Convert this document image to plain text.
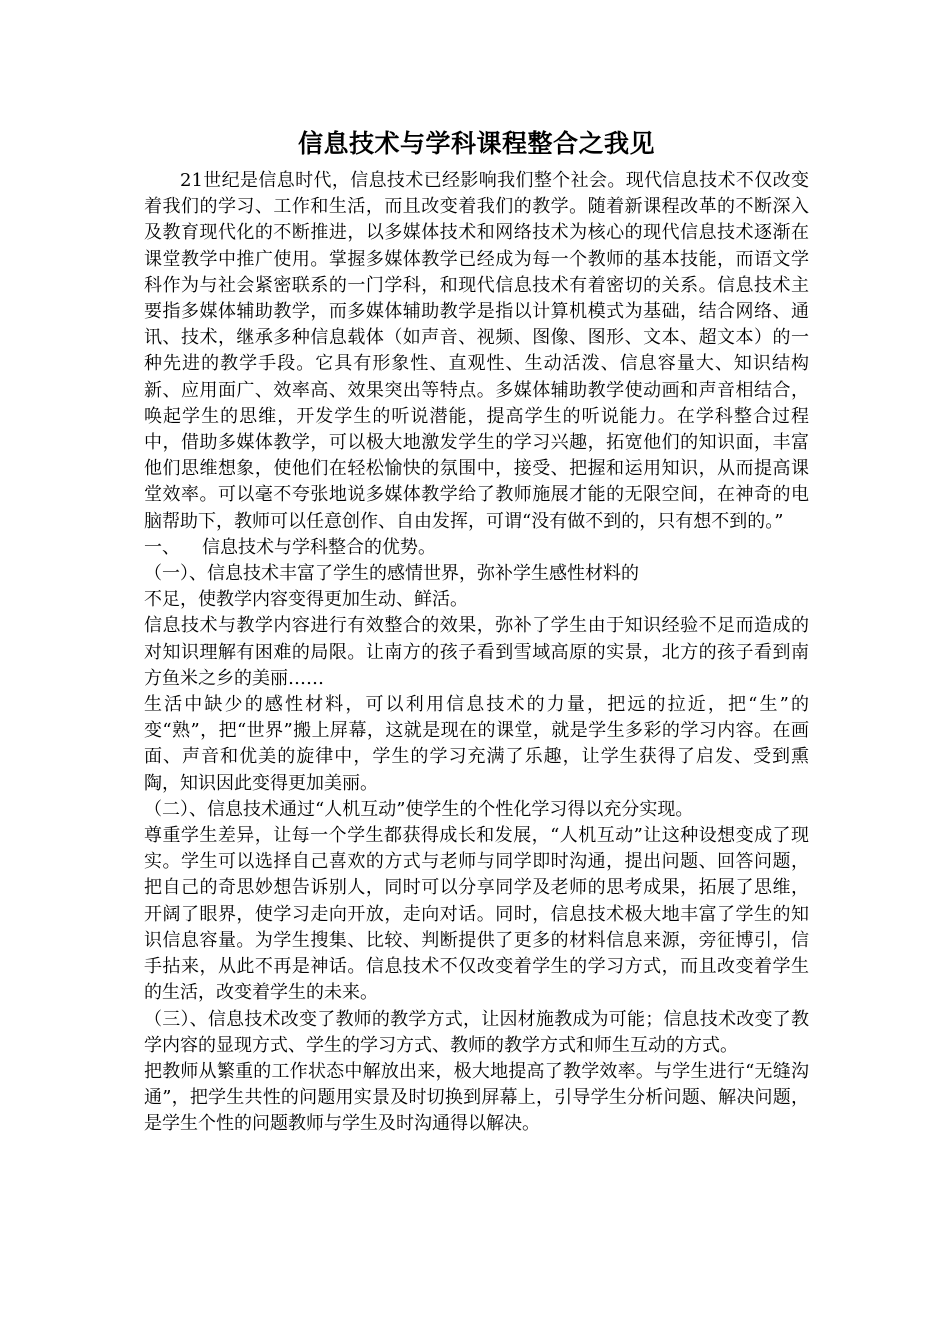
信息技术与学科课程整合之我见

21世纪是信息时代，信息技术已经影响我们整个社会。现代信息技术不仅改变着我们的学习、工作和生活，而且改变着我们的教学。随着新课程改革的不断深入及教育现代化的不断推进，以多媒体技术和网络技术为核心的现代信息技术逐渐在课堂教学中推广使用。掌握多媒体教学已经成为每一个教师的基本技能，而语文学科作为与社会紧密联系的一门学科，和现代信息技术有着密切的关系。信息技术主要指多媒体辅助教学，而多媒体辅助教学是指以计算机模式为基础，结合网络、通讯、技术，继承多种信息载体（如声音、视频、图像、图形、文本、超文本）的一种先进的教学手段。它具有形象性、直观性、生动活泼、信息容量大、知识结构新、应用面广、效率高、效果突出等特点。多媒体辅助教学使动画和声音相结合，唤起学生的思维，开发学生的听说潜能，提高学生的听说能力。在学科整合过程中，借助多媒体教学，可以极大地激发学生的学习兴趣，拓宽他们的知识面，丰富他们思维想象，使他们在轻松愉快的氛围中，接受、把握和运用知识，从而提高课堂效率。可以毫不夸张地说多媒体教学给了教师施展才能的无限空间，在神奇的电脑帮助下，教师可以任意创作、自由发挥，可谓“没有做不到的，只有想不到的。”

一、 信息技术与学科整合的优势。

（一）、信息技术丰富了学生的感情世界，弥补学生感性材料的

不足，使教学内容变得更加生动、鲜活。

信息技术与教学内容进行有效整合的效果，弥补了学生由于知识经验不足而造成的对知识理解有困难的局限。让南方的孩子看到雪域高原的实景，北方的孩子看到南方鱼米之乡的美丽……

生活中缺少的感性材料，可以利用信息技术的力量，把远的拉近，把“生”的变“熟”，把“世界”搬上屏幕，这就是现在的课堂，就是学生多彩的学习内容。在画面、声音和优美的旋律中，学生的学习充满了乐趣，让学生获得了启发、受到熏陶，知识因此变得更加美丽。

（二）、信息技术通过“人机互动”使学生的个性化学习得以充分实现。

尊重学生差异，让每一个学生都获得成长和发展，“人机互动”让这种设想变成了现实。学生可以选择自己喜欢的方式与老师与同学即时沟通，提出问题、回答问题，把自己的奇思妙想告诉别人，同时可以分享同学及老师的思考成果，拓展了思维，开阔了眼界，使学习走向开放，走向对话。同时，信息技术极大地丰富了学生的知识信息容量。为学生搜集、比较、判断提供了更多的材料信息来源，旁征博引，信手拈来，从此不再是神话。信息技术不仅改变着学生的学习方式，而且改变着学生的生活，改变着学生的未来。

（三）、信息技术改变了教师的教学方式，让因材施教成为可能；信息技术改变了教学内容的显现方式、学生的学习方式、教师的教学方式和师生互动的方式。

把教师从繁重的工作状态中解放出来，极大地提高了教学效率。与学生进行“无缝沟通”，把学生共性的问题用实景及时切换到屏幕上，引导学生分析问题、解决问题，是学生个性的问题教师与学生及时沟通得以解决。
